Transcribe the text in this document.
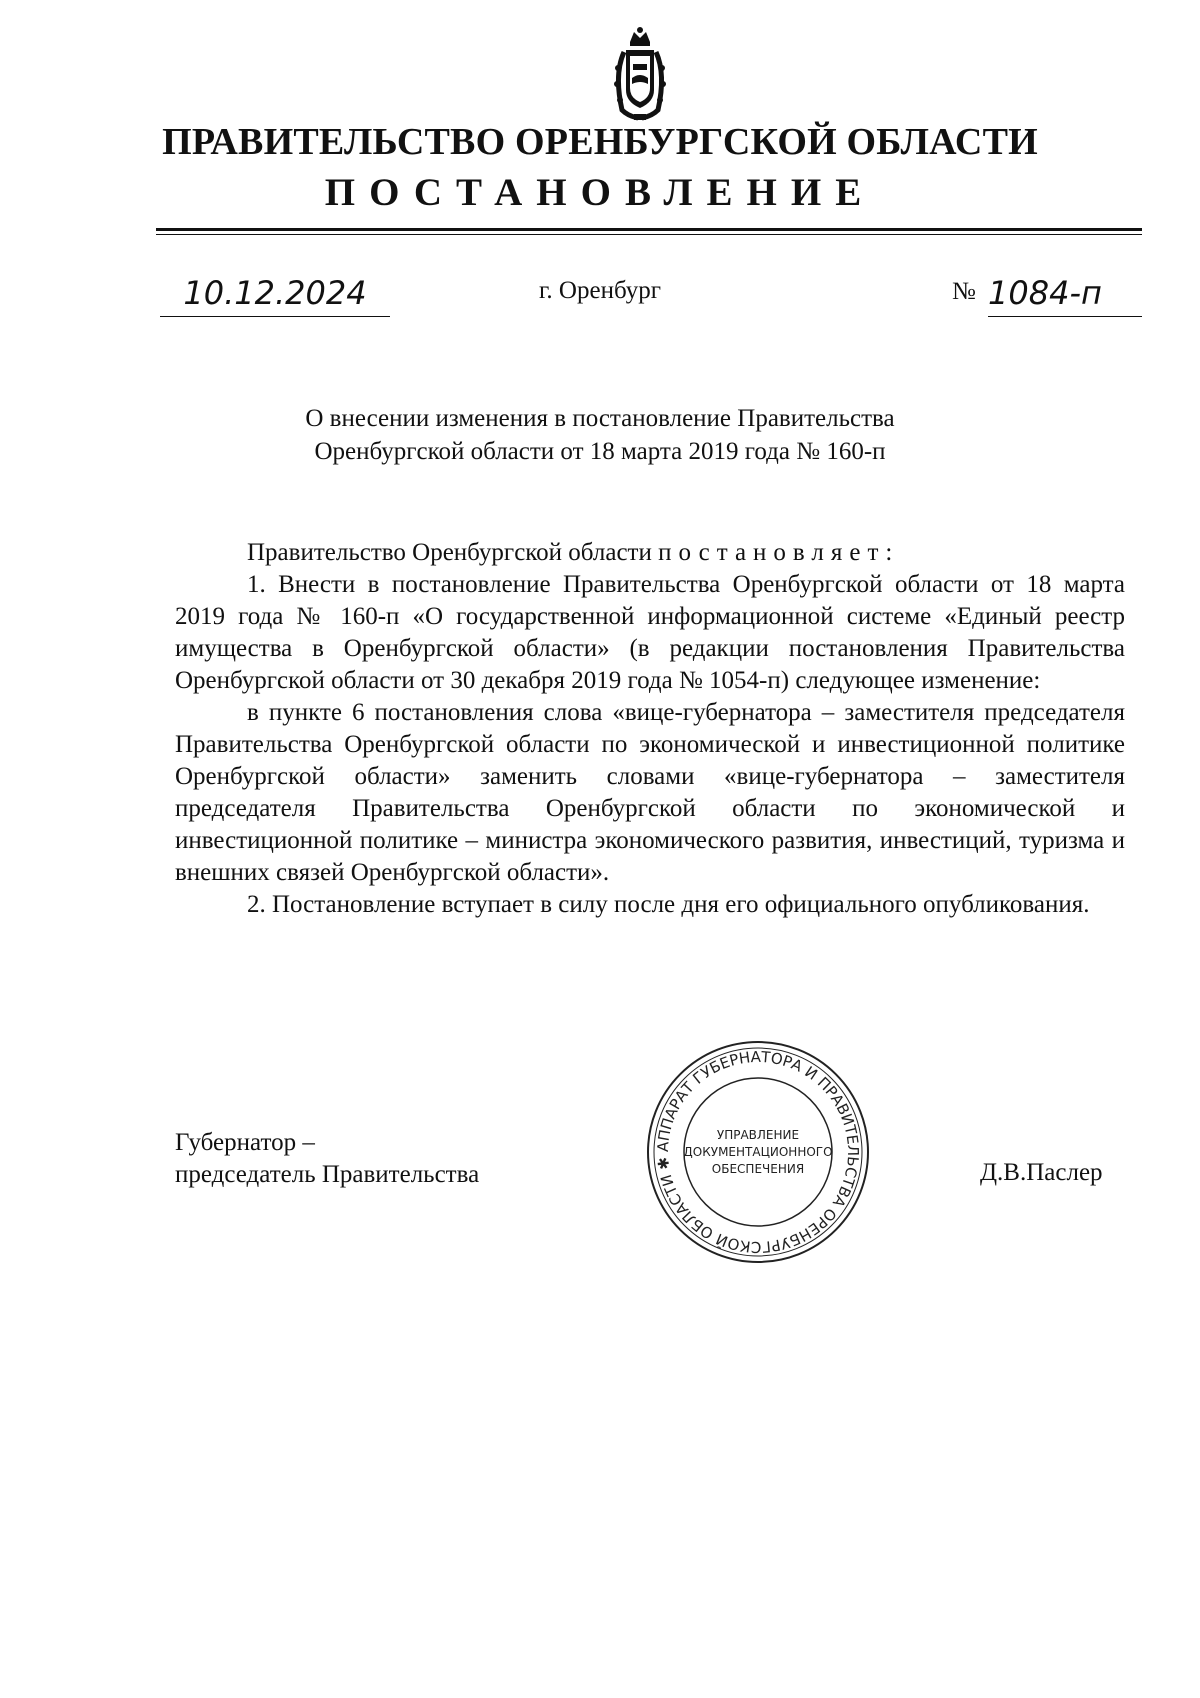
ПРАВИТЕЛЬСТВО ОРЕНБУРГСКОЙ ОБЛАСТИ
ПОСТАНОВЛЕНИЕ
10.12.2024	г. Оренбург	№ 1084-п
О внесении изменения в постановление Правительства
Оренбургской области от 18 марта 2019 года № 160-п

Правительство Оренбургской области постановляет:

1. Внести в постановление Правительства Оренбургской области от 18 марта 2019 года № 160-п «О государственной информационной системе «Единый реестр имущества в Оренбургской области» (в редакции постановления Правительства Оренбургской области от 30 декабря 2019 года № 1054-п) следующее изменение:

в пункте 6 постановления слова «вице-губернатора – заместителя председателя Правительства Оренбургской области по экономической и инвестиционной политике Оренбургской области» заменить словами «вице-губернатора – заместителя председателя Правительства Оренбургской области по экономической и инвестиционной политике – министра экономического развития, инвестиций, туризма и внешних связей Оренбургской области».

2. Постановление вступает в силу после дня его официального опубликования.

Губернатор –
председатель Правительства	Д.В.Паслер
АППАРАТ ГУБЕРНАТОРА И ПРАВИТЕЛЬСТВА ОРЕНБУРГСКОЙ ОБЛАСТИ ✱
УПРАВЛЕНИЕ
ДОКУМЕНТАЦИОННОГО
ОБЕСПЕЧЕНИЯ
